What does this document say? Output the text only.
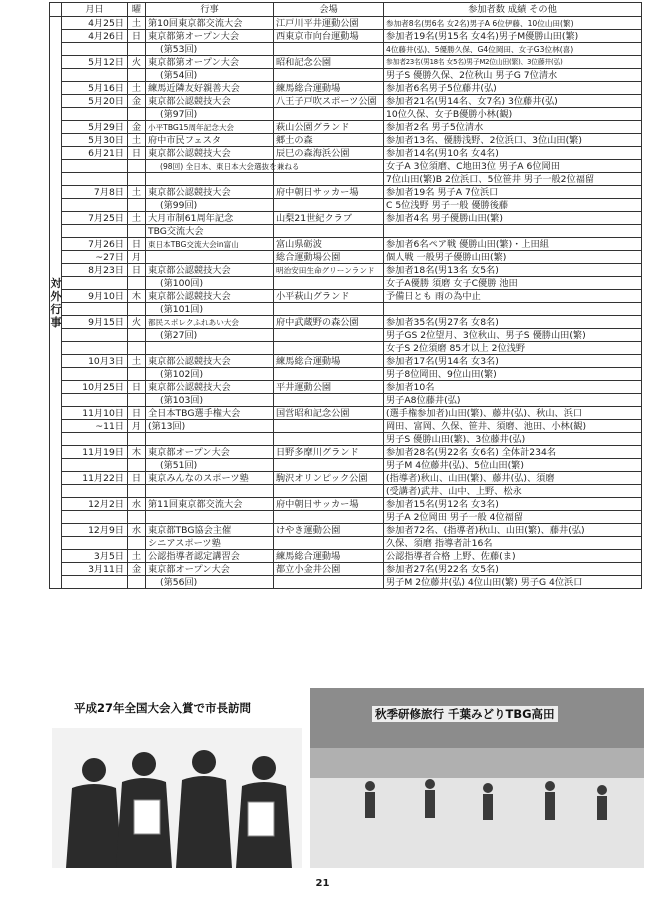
	月日	曜	行事	会場	参加者数 成績 その他
対外行事	4月25日	土	第10回東京都交流大会	江戸川平井運動公園	参加者8名(男6名 女2名)男子A 6位伊藤、10位山田(繁)
	4月26日	日	東京都第オープン大会	西東京市向台運動場	参加者19名(男15名 女4名)男子M優勝山田(繁)
			(第53回)		4位藤井(弘)、5優勝久保、G4位岡田、女子G3位林(喜)
	5月12日	火	東京都第オープン大会	昭和記念公園	参加者23名(男18名 女5名)男子M2位山田(繁)、3位藤井(弘)
			(第54回)		男子S 優勝久保、2位秋山 男子G 7位清水
	5月16日	土	練馬近隣友好親善大会	練馬総合運動場	参加者6名男子5位藤井(弘)
	5月20日	金	東京都公認競技大会	八王子戸吹スポーツ公園	参加者21名(男14名、女7名) 3位藤井(弘)
			(第97回)		10位久保、女子B優勝小林(観)
	5月29日	金	小平TBG15周年記念大会	萩山公園グランド	参加者2名 男子5位清水
	5月30日	土	府中市民フェスタ	郷土の森	参加者13名、優勝浅野、2位浜口、3位山田(繁)
	6月21日	日	東京都公認競技大会	辰巳の森海浜公園	参加者14名(男10名 女4名)
			(98回) 全日本、東日本大会選抜を兼ねる		女子A 3位須磨、C地田3位 男子A 6位岡田
					7位山田(繁)B 2位浜口、5位笹井 男子一般2位福留
	7月8日	土	東京都公認競技大会	府中朝日サッカー場	参加者19名 男子A 7位浜口
			(第99回)		C 5位浅野 男子一般 優勝後藤
	7月25日	土	大月市制61周年記念	山梨21世紀クラブ	参加者4名 男子優勝山田(繁)
			TBG交流大会		
	7月26日	日	東日本TBG交流大会in富山	富山県砺波	参加者6名ペア戦 優勝山田(繁)・上田組
	~27日	月		総合運動場公園	個人戦 一般男子優勝山田(繁)
	8月23日	日	東京都公認競技大会	明治安田生命グリーンランド	参加者18名(男13名 女5名)
			(第100回)		女子A優勝 須磨 女子C優勝 池田
	9月10日	木	東京都公認競技大会	小平萩山グランド	予備日とも 雨の為中止
			(第101回)		
	9月15日	火	都民スポレクふれあい大会	府中武蔵野の森公園	参加者35名(男27名 女8名)
			(第27回)		男子GS 2位望月、3位秋山、男子S 優勝山田(繁)
					女子S 2位須磨 85才以上 2位浅野
	10月3日	土	東京都公認競技大会	練馬総合運動場	参加者17名(男14名 女3名)
			(第102回)		男子8位岡田、9位山田(繁)
	10月25日	日	東京都公認競技大会	平井運動公園	参加者10名
			(第103回)		男子A8位藤井(弘)
	11月10日	日	全日本TBG選手権大会	国営昭和記念公園	(選手権参加者)山田(繁)、藤井(弘)、秋山、浜口
	~11日	月	(第13回)		岡田、富岡、久保、笹井、須磨、池田、小林(観)
					男子S 優勝山田(繁)、3位藤井(弘)
	11月19日	木	東京都オープン大会	日野多摩川グランド	参加者28名(男22名 女6名) 全体計234名
			(第51回)		男子M 4位藤井(弘)、5位山田(繁)
	11月22日	日	東京みんなのスポーツ塾	駒沢オリンピック公園	(指導者)秋山、山田(繁)、藤井(弘)、須磨
					(受講者)武井、山中、上野、松永
	12月2日	水	第11回東京都交流大会	府中朝日サッカー場	参加者15名(男12名 女3名)
					男子A 2位岡田 男子一般 4位福留
	12月9日	水	東京都TBG協会主催	けやき運動公園	参加者72名、(指導者)秋山、山田(繁)、藤井(弘)
			シニアスポーツ塾		久保、須磨 指導者計16名
	3月5日	土	公認指導者認定講習会	練馬総合運動場	公認指導者合格 上野、佐藤(ま)
	3月11日	金	東京都オープン大会	都立小金井公園	参加者27名(男22名 女5名)
			(第56回)		男子M 2位藤井(弘) 4位山田(繁) 男子G 4位浜口
平成27年全国大会入賞で市長訪問	秋季研修旅行 千葉みどりTBG高田
21
